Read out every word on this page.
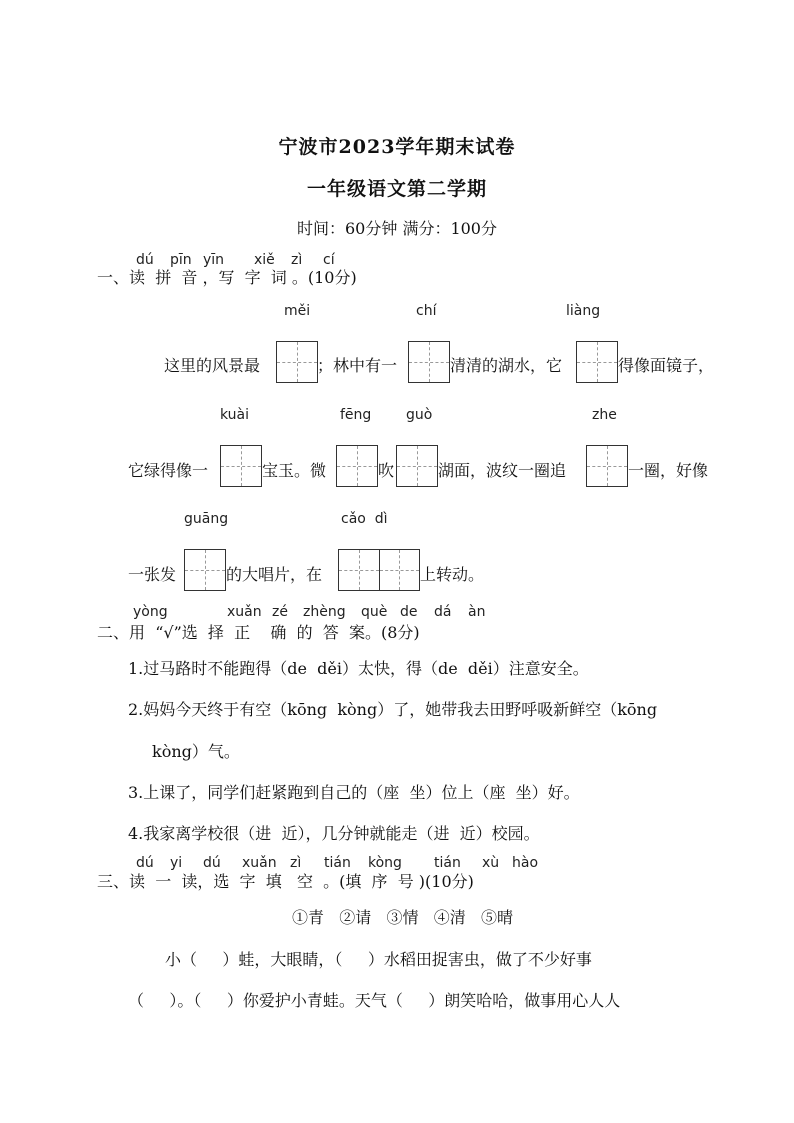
宁波市2023学年期末试卷
一年级语文第二学期
时间：60分钟 满分：100分
dú pīn yīn xiě zì cí
一、读  拼  音 ，写  字  词 。(10分)
měi	chí	liàng
这里的风景最	；林中有一	清清的湖水，它	得像面镜子，
kuài	fēng guò	zhe
它绿得像一	宝玉。微	吹	湖面，波纹一圈追	一圈，好像
guāng	cǎo  dì
一张发	的大唱片，在	上转动。
yòng	xuǎn zé zhèng què de dá àn
二、用  “√”选  择  正    确  的  答  案。(8分)
1.过马路时不能跑得（de  děi）太快，得（de  děi）注意安全。
2.妈妈今天终于有空（kōng  kòng）了，她带我去田野呼吸新鲜空（kōng
kòng）气。
3.上课了，同学们赶紧跑到自己的（座  坐）位上（座  坐）好。
4.我家离学校很（进  近），几分钟就能走（进  近）校园。
dú yi dú xuǎn zì tián kòng tián xù hào
三、读  一  读，选  字  填   空  。(填  序  号 )(10分)
①青   ②请   ③情   ④清   ⑤晴
小（     ）蛙，大眼睛，（     ）水稻田捉害虫，做了不少好事
（     ）。（     ）你爱护小青蛙。天气（     ）朗笑哈哈，做事用心人人
